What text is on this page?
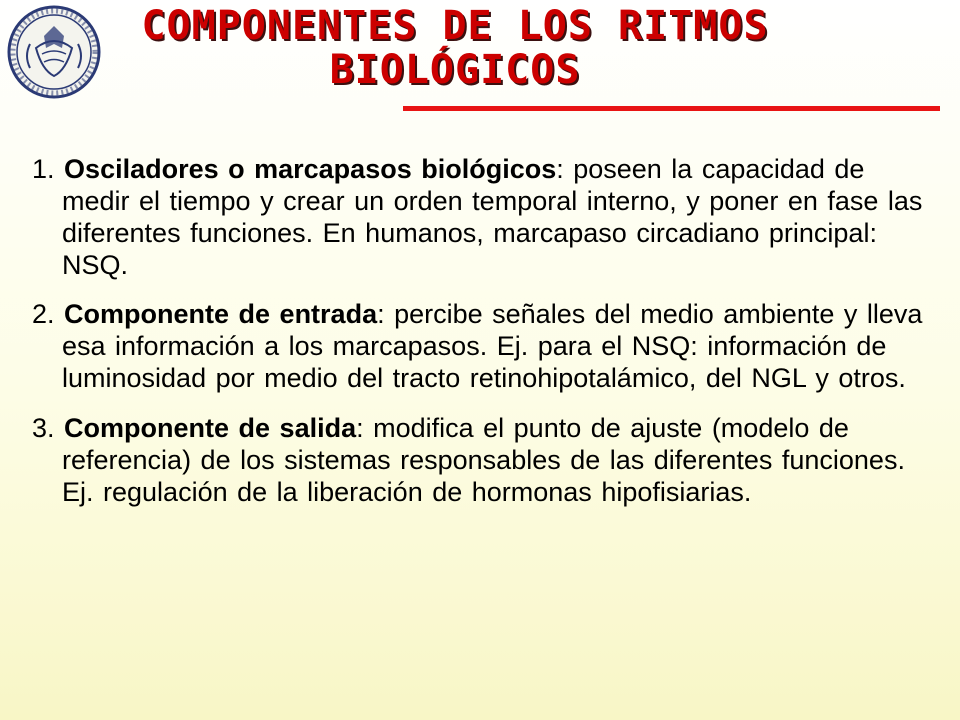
COMPONENTES DE LOS RITMOS
BIOLÓGICOS

1. Osciladores o marcapasos biológicos: poseen la capacidad de medir el tiempo y crear un orden temporal interno, y poner en fase las diferentes funciones. En humanos, marcapaso circadiano principal: NSQ.

2. Componente de entrada: percibe señales del medio ambiente y lleva esa información a los marcapasos. Ej. para el NSQ: información de luminosidad por medio del tracto retinohipotalámico, del NGL y otros.

3. Componente de salida: modifica el punto de ajuste (modelo de referencia) de los sistemas responsables de las diferentes funciones. Ej. regulación de la liberación de hormonas hipofisiarias.
